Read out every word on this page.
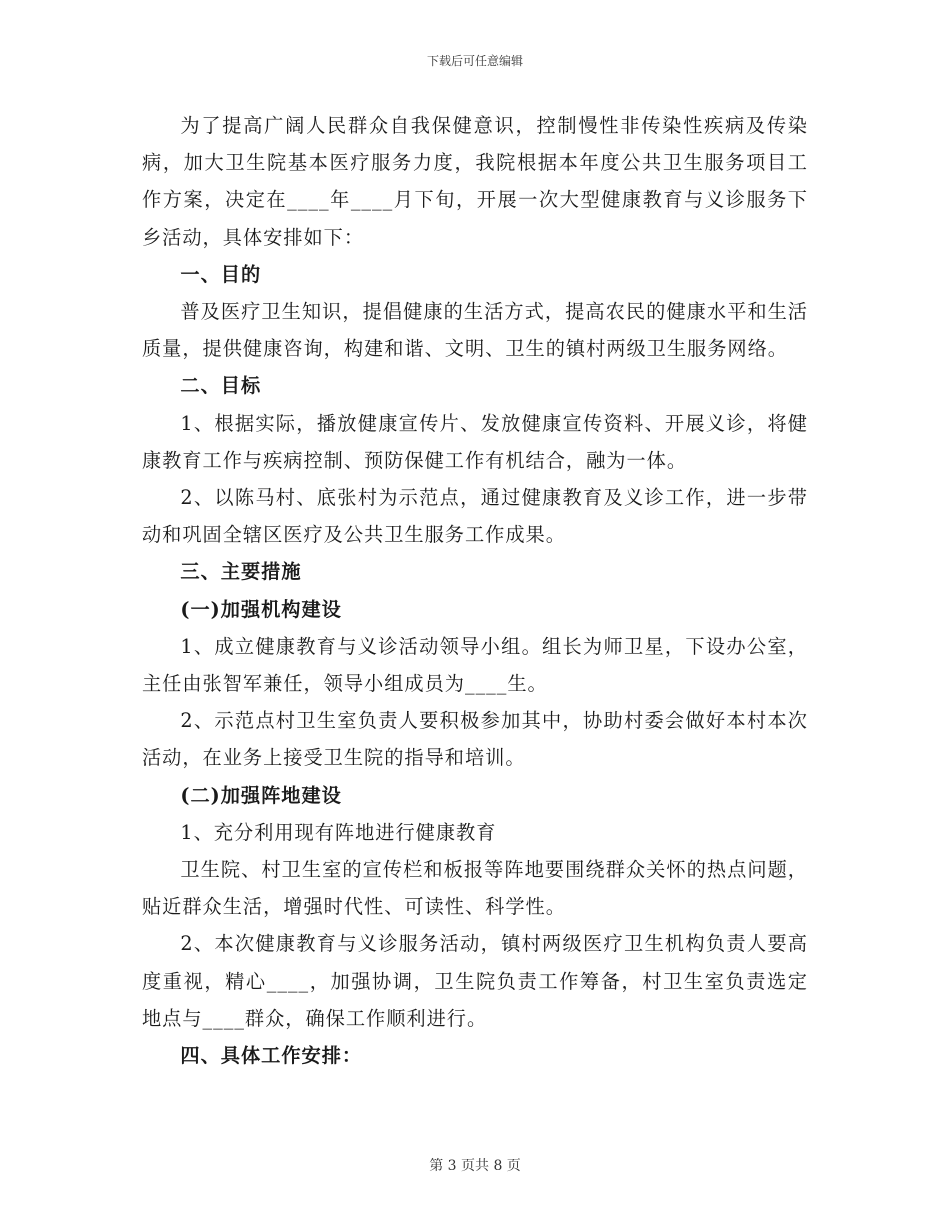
下载后可任意编辑

为了提高广阔人民群众自我保健意识，控制慢性非传染性疾病及传染病，加大卫生院基本医疗服务力度，我院根据本年度公共卫生服务项目工作方案，决定在____年____月下旬，开展一次大型健康教育与义诊服务下乡活动，具体安排如下：

一、目的

普及医疗卫生知识，提倡健康的生活方式，提高农民的健康水平和生活质量，提供健康咨询，构建和谐、文明、卫生的镇村两级卫生服务网络。

二、目标

1、根据实际，播放健康宣传片、发放健康宣传资料、开展义诊，将健康教育工作与疾病控制、预防保健工作有机结合，融为一体。

2、以陈马村、底张村为示范点，通过健康教育及义诊工作，进一步带动和巩固全辖区医疗及公共卫生服务工作成果。

三、主要措施

(一)加强机构建设

1、成立健康教育与义诊活动领导小组。组长为师卫星，下设办公室，主任由张智军兼任，领导小组成员为____生。

2、示范点村卫生室负责人要积极参加其中，协助村委会做好本村本次活动，在业务上接受卫生院的指导和培训。

(二)加强阵地建设

1、充分利用现有阵地进行健康教育

卫生院、村卫生室的宣传栏和板报等阵地要围绕群众关怀的热点问题，贴近群众生活，增强时代性、可读性、科学性。

2、本次健康教育与义诊服务活动，镇村两级医疗卫生机构负责人要高度重视，精心____，加强协调，卫生院负责工作筹备，村卫生室负责选定地点与____群众，确保工作顺利进行。

四、具体工作安排：

第 3 页共 8 页
